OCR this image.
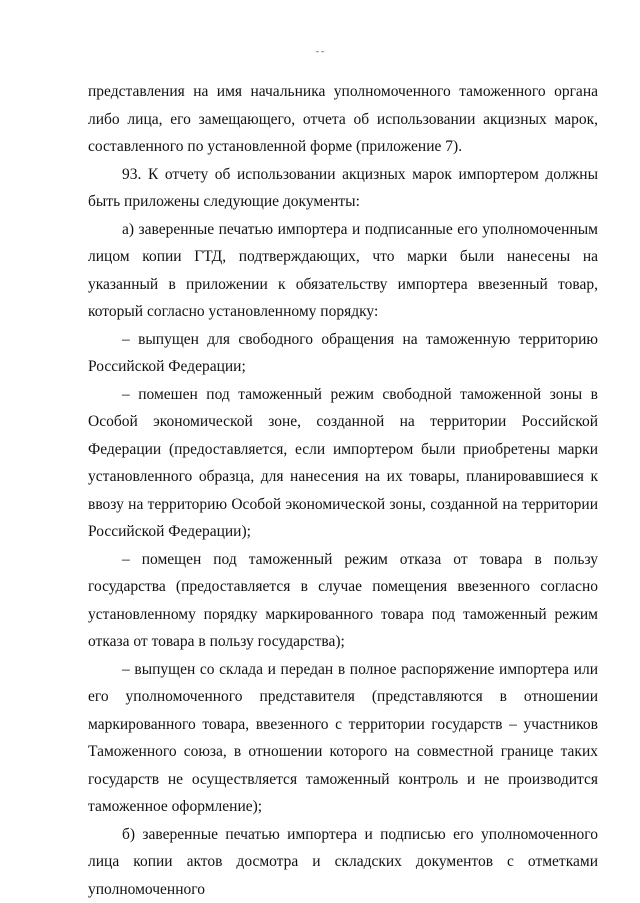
- -

представления на имя начальника уполномоченного таможенного органа либо лица, его замещающего, отчета об использовании акцизных марок, составленного по установленной форме (приложение 7).

93. К отчету об использовании акцизных марок импортером должны быть приложены следующие документы:

а) заверенные печатью импортера и подписанные его уполномоченным лицом копии ГТД, подтверждающих, что марки были нанесены на указанный в приложении к обязательству импортера ввезенный товар, который согласно установленному порядку:

– выпущен для свободного обращения на таможенную территорию Российской Федерации;

– помешен под таможенный режим свободной таможенной зоны в Особой экономической зоне, созданной на территории Российской Федерации (предоставляется, если импортером были приобретены марки установленного образца, для нанесения на их товары, планировавшиеся к ввозу на территорию Особой экономической зоны, созданной на территории Российской Федерации);

– помещен под таможенный режим отказа от товара в пользу государства (предоставляется в случае помещения ввезенного согласно установленному порядку маркированного товара под таможенный режим отказа от товара в пользу государства);

– выпущен со склада и передан в полное распоряжение импортера или его уполномоченного представителя (представляются в отношении маркированного товара, ввезенного с территории государств – участников Таможенного союза, в отношении которого на совместной границе таких государств не осуществляется таможенный контроль и не производится таможенное оформление);

б) заверенные печатью импортера и подписью его уполномоченного лица копии актов досмотра и складских документов с отметками уполномоченного
